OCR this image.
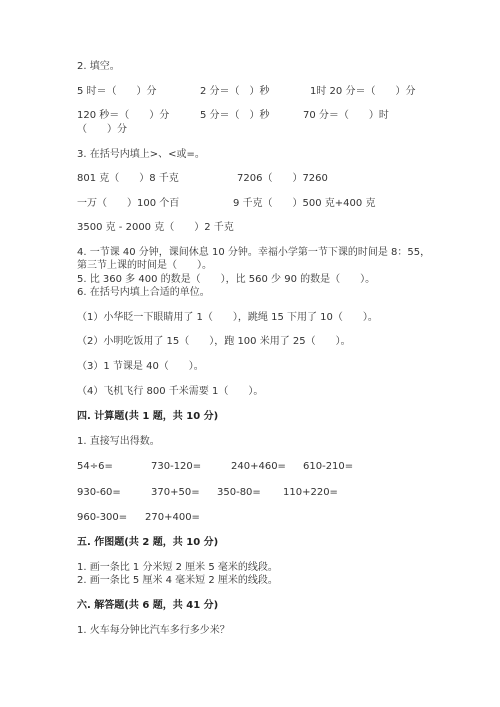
2. 填空。
5 时＝（　　）分	2 分＝（　）秒	1时 20 分＝（　　）分
120 秒＝（　　）分	5 分＝（　）秒	70 分＝（　　）时
（　　）分
3. 在括号内填上>、<或=。
801 克（　　）8 千克	7206（　　）7260
一万（　　）100 个百	9 千克（　　）500 克+400 克
3500 克 - 2000 克（　　）2 千克
4. 一节课 40 分钟，课间休息 10 分钟。幸福小学第一节下课的时间是 8：55，
第三节上课的时间是（　　）。
5. 比 360 多 400 的数是（　　），比 560 少 90 的数是（　　）。
6. 在括号内填上合适的单位。
（1）小华眨一下眼睛用了 1（　　），跳绳 15 下用了 10（　　）。
（2）小明吃饭用了 15（　　），跑 100 米用了 25（　　）。
（3）1 节课是 40（　　）。
（4）飞机飞行 800 千米需要 1（　　）。
四. 计算题(共 1 题，共 10 分)
1. 直接写出得数。
54÷6=	730-120=	240+460= 610-210=
930-60=	370+50= 350-80= 110+220=
960-300= 270+400=
五. 作图题(共 2 题，共 10 分)
1. 画一条比 1 分米短 2 厘米 5 毫米的线段。
2. 画一条比 5 厘米 4 毫米短 2 厘米的线段。
六. 解答题(共 6 题，共 41 分)
1. 火车每分钟比汽车多行多少米？
